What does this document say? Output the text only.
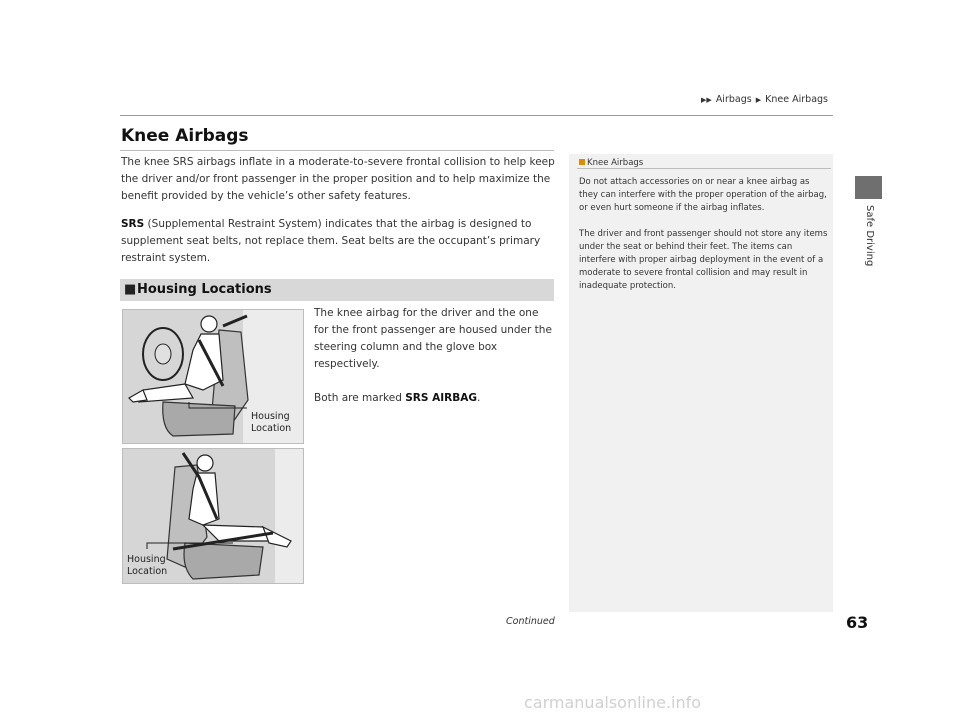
▶▶ Airbags ▶ Knee Airbags
Knee Airbags
The knee SRS airbags inflate in a moderate-to-severe frontal collision to help keep the driver and/or front passenger in the proper position and to help maximize the benefit provided by the vehicle’s other safety features.
SRS (Supplemental Restraint System) indicates that the airbag is designed to supplement seat belts, not replace them. Seat belts are the occupant’s primary restraint system.
■ Housing Locations
Housing
Location
Housing
Location
The knee airbag for the driver and the one for the front passenger are housed under the steering column and the glove box respectively.
Both are marked SRS AIRBAG.
Knee Airbags

Do not attach accessories on or near a knee airbag as they can interfere with the proper operation of the airbag, or even hurt someone if the airbag inflates.

The driver and front passenger should not store any items under the seat or behind their feet. The items can interfere with proper airbag deployment in the event of a moderate to severe frontal collision and may result in inadequate protection.

Safe Driving
Continued	63
carmanualsonline.info
